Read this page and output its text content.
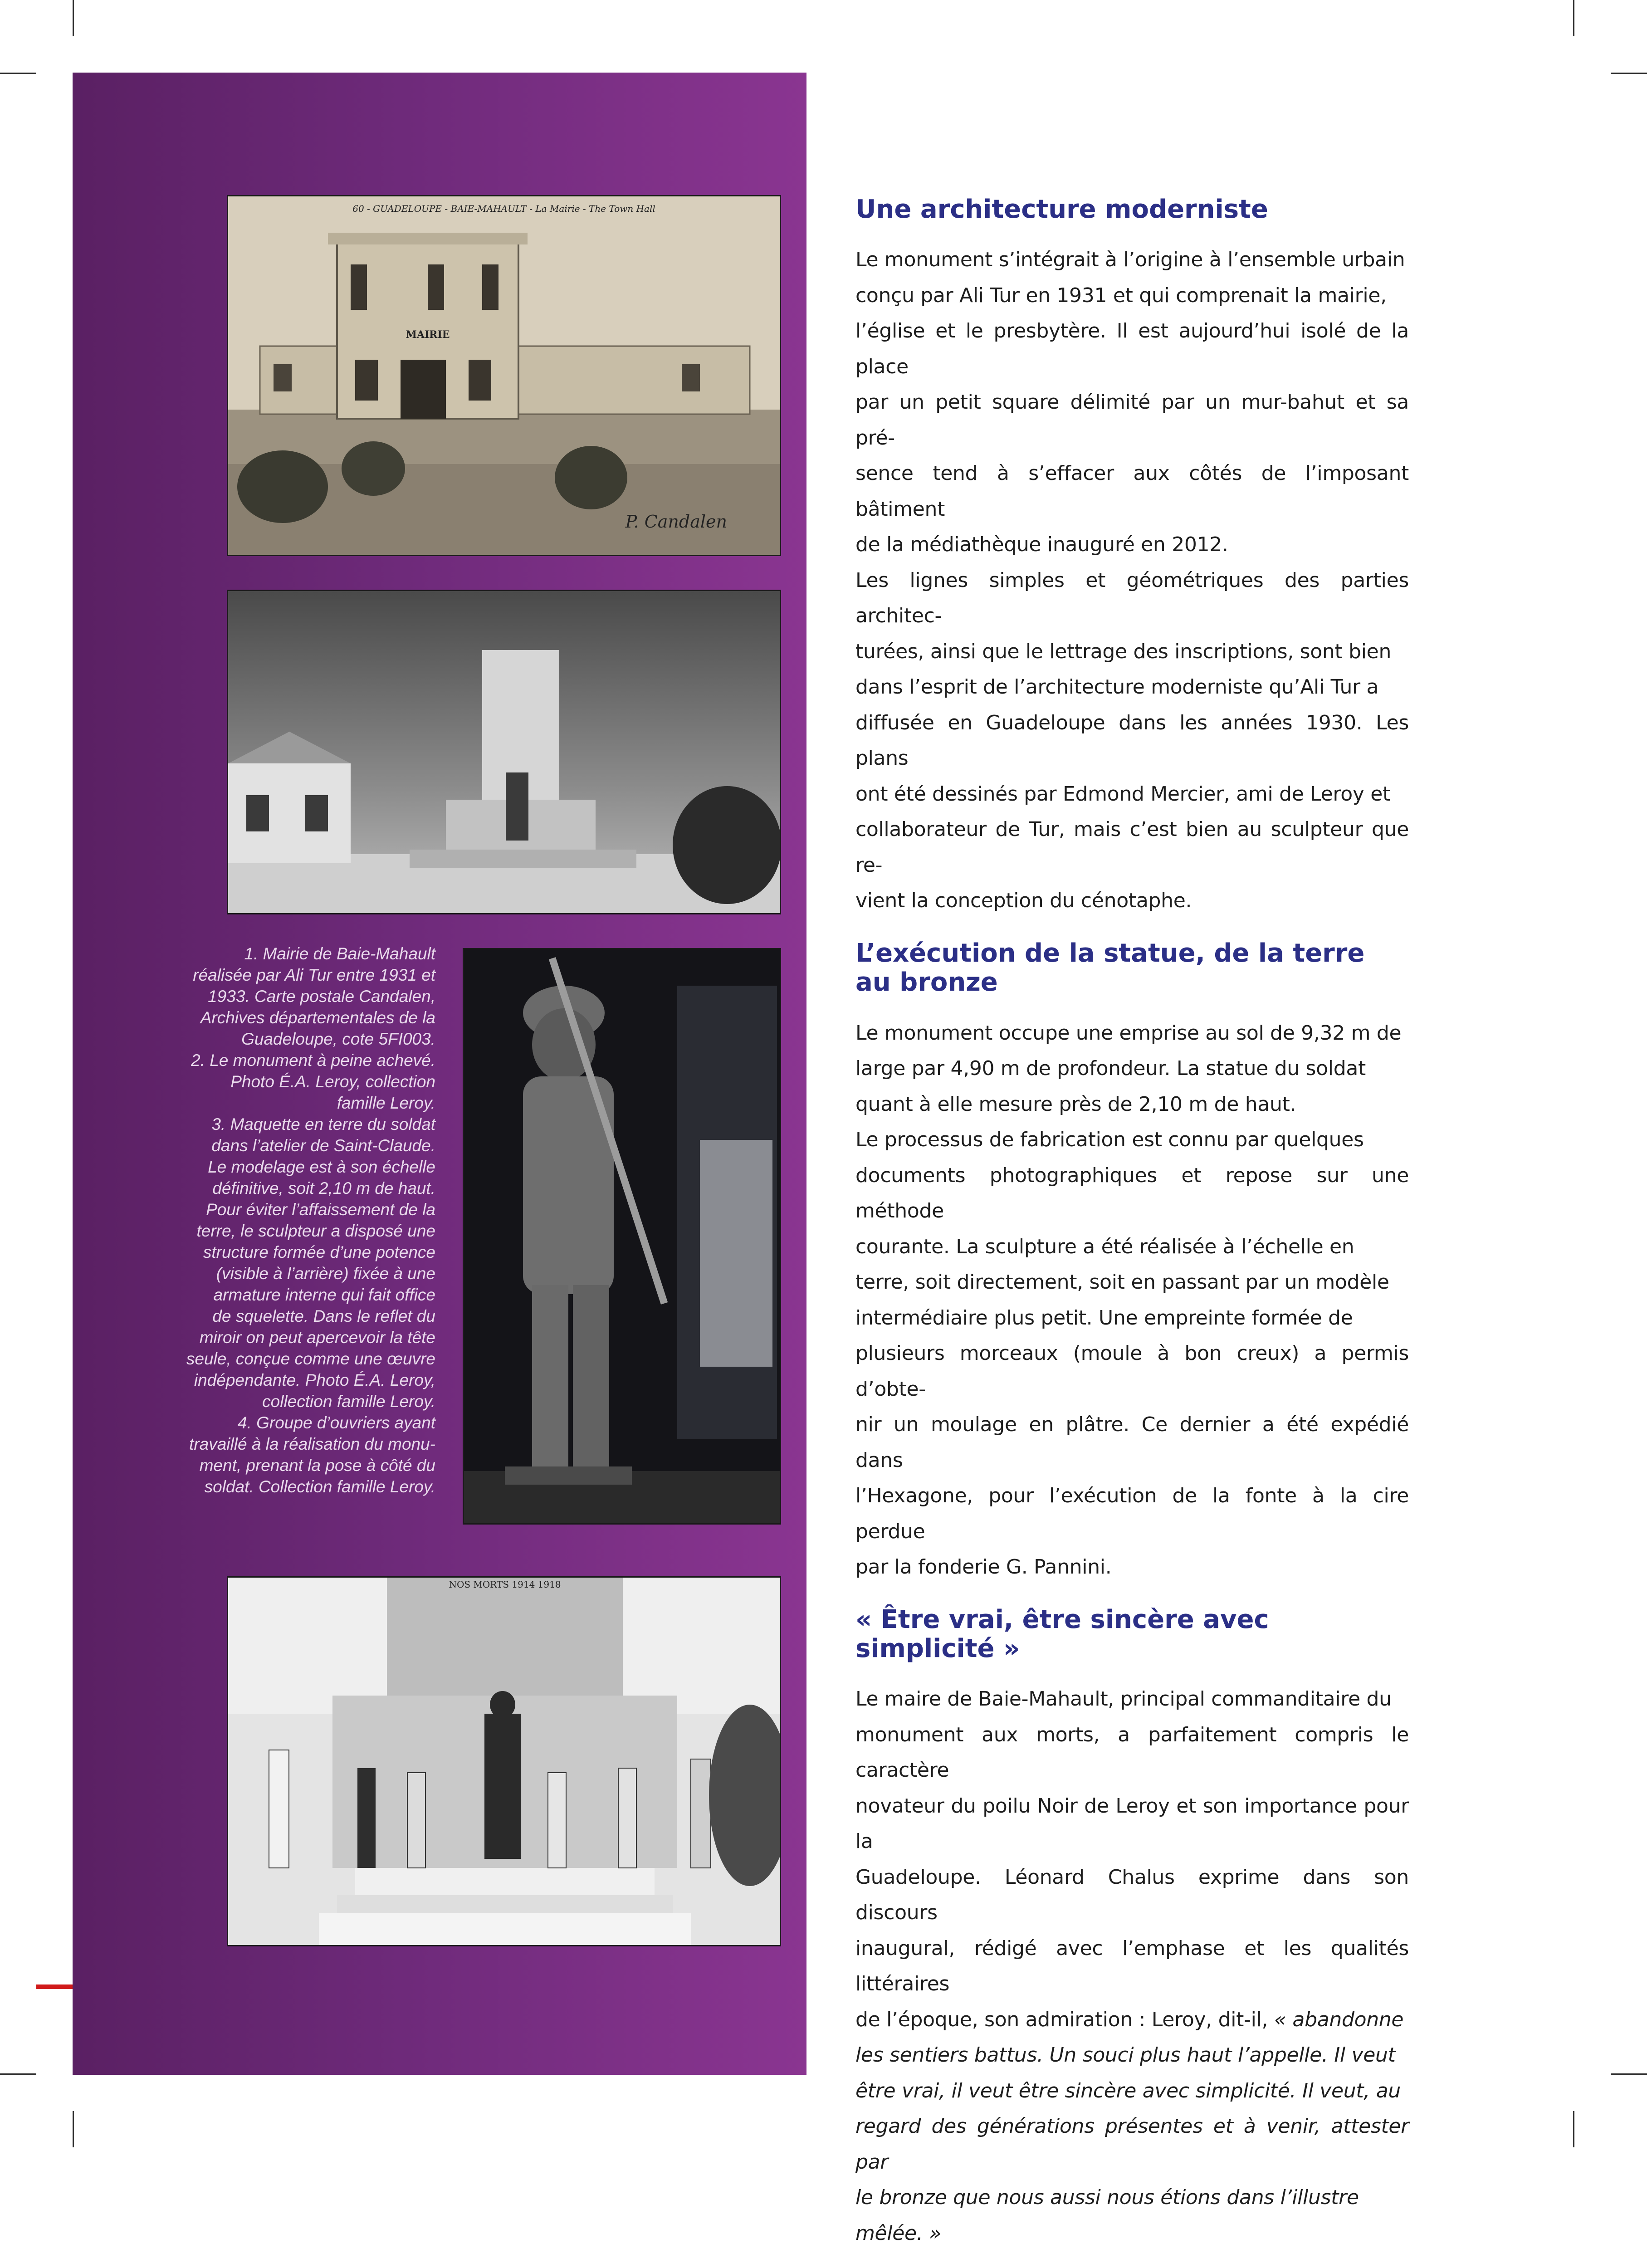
60 - GUADELOUPE - BAIE-MAHAULT - La Mairie - The Town Hall
MAIRIE
P. Candalen
NOS MORTS 1914 1918

1. Mairie de Baie-Mahault

réalisée par Ali Tur entre 1931 et

1933. Carte postale Candalen,

Archives départementales de la

Guadeloupe, cote 5FI003.

2. Le monument à peine achevé.

Photo É.A. Leroy, collection

famille Leroy.

3. Maquette en terre du soldat

dans l’atelier de Saint-Claude.

Le modelage est à son échelle

définitive, soit 2,10 m de haut.

Pour éviter l’affaissement de la

terre, le sculpteur a disposé une

structure formée d’une potence

(visible à l’arrière) fixée à une

armature interne qui fait office

de squelette. Dans le reflet du

miroir on peut apercevoir la tête

seule, conçue comme une œuvre

indépendante. Photo É.A. Leroy,

collection famille Leroy.

4. Groupe d’ouvriers ayant

travaillé à la réalisation du monu-

ment, prenant la pose à côté du

soldat. Collection famille Leroy.

Une architecture moderniste

Le monument s’intégrait à l’origine à l’ensemble urbain

conçu par Ali Tur en 1931 et qui comprenait la mairie,

l’église et le presbytère. Il est aujourd’hui isolé de la place

par un petit square délimité par un mur-bahut et sa pré-

sence tend à s’effacer aux côtés de l’imposant bâtiment

de la médiathèque inauguré en 2012.

Les lignes simples et géométriques des parties architec-

turées, ainsi que le lettrage des inscriptions, sont bien

dans l’esprit de l’architecture moderniste qu’Ali Tur a

diffusée en Guadeloupe dans les années 1930. Les plans

ont été dessinés par Edmond Mercier, ami de Leroy et

collaborateur de Tur, mais c’est bien au sculpteur que re-

vient la conception du cénotaphe.

L’exécution de la statue, de la terre
au bronze

Le monument occupe une emprise au sol de 9,32 m de

large par 4,90 m de profondeur. La statue du soldat

quant à elle mesure près de 2,10 m de haut.

Le processus de fabrication est connu par quelques

documents photographiques et repose sur une méthode

courante. La sculpture a été réalisée à l’échelle en

terre, soit directement, soit en passant par un modèle

intermédiaire plus petit. Une empreinte formée de

plusieurs morceaux (moule à bon creux) a permis d’obte-

nir un moulage en plâtre. Ce dernier a été expédié dans

l’Hexagone, pour l’exécution de la fonte à la cire perdue

par la fonderie G. Pannini.

« Être vrai, être sincère avec
simplicité »

Le maire de Baie-Mahault, principal commanditaire du

monument aux morts, a parfaitement compris le caractère

novateur du poilu Noir de Leroy et son importance pour la

Guadeloupe. Léonard Chalus exprime dans son discours

inaugural, rédigé avec l’emphase et les qualités littéraires

de l’époque, son admiration : Leroy, dit-il, « abandonne

les sentiers battus. Un souci plus haut l’appelle. Il veut

être vrai, il veut être sincère avec simplicité. Il veut, au

regard des générations présentes et à venir, attester par

le bronze que nous aussi nous étions dans l’illustre mêlée. »
